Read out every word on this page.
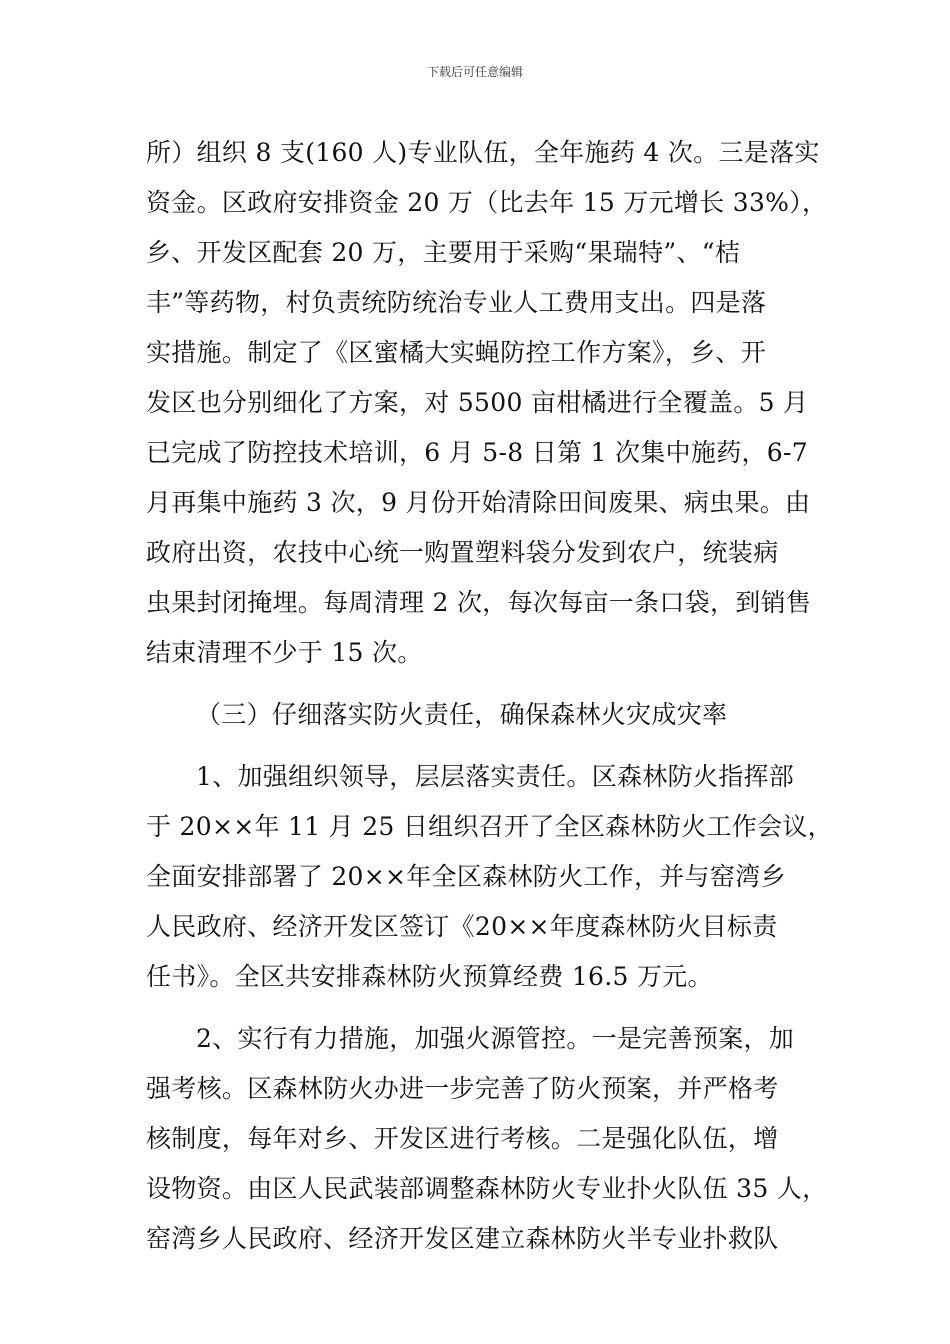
下载后可任意编辑
所）组织 8 支(160 人)专业队伍，全年施药 4 次。三是落实
资金。区政府安排资金 20 万（比去年 15 万元增长 33%），
乡、开发区配套 20 万，主要用于采购“果瑞特”、“桔
丰”等药物，村负责统防统治专业人工费用支出。四是落
实措施。制定了《区蜜橘大实蝇防控工作方案》，乡、开
发区也分别细化了方案，对 5500 亩柑橘进行全覆盖。5 月
已完成了防控技术培训，6 月 5-8 日第 1 次集中施药，6-7
月再集中施药 3 次，9 月份开始清除田间废果、病虫果。由
政府出资，农技中心统一购置塑料袋分发到农户，统装病
虫果封闭掩埋。每周清理 2 次，每次每亩一条口袋，到销售
结束清理不少于 15 次。
（三）仔细落实防火责任，确保森林火灾成灾率
1、加强组织领导，层层落实责任。区森林防火指挥部
于 20××年 11 月 25 日组织召开了全区森林防火工作会议，
全面安排部署了 20××年全区森林防火工作，并与窑湾乡
人民政府、经济开发区签订《20××年度森林防火目标责
任书》。全区共安排森林防火预算经费 16.5 万元。
2、实行有力措施，加强火源管控。一是完善预案，加
强考核。区森林防火办进一步完善了防火预案，并严格考
核制度，每年对乡、开发区进行考核。二是强化队伍，增
设物资。由区人民武装部调整森林防火专业扑火队伍 35 人，
窑湾乡人民政府、经济开发区建立森林防火半专业扑救队
